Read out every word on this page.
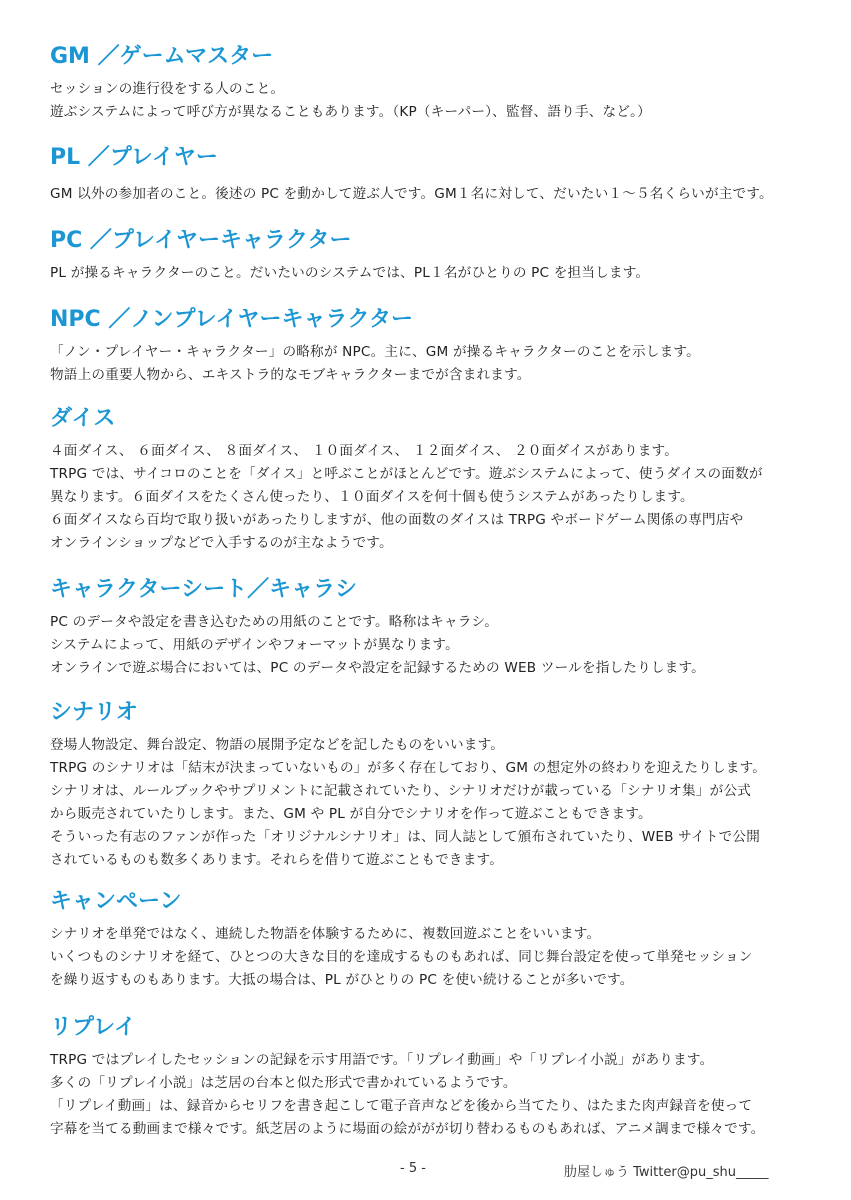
GM ／ゲームマスター

セッションの進行役をする人のこと。

遊ぶシステムによって呼び方が異なることもあります。（KP（キーパー）、監督、語り手、など。）

PL ／プレイヤー

GM 以外の参加者のこと。後述の PC を動かして遊ぶ人です。GM１名に対して、だいたい１〜５名くらいが主です。

PC ／プレイヤーキャラクター

PL が操るキャラクターのこと。だいたいのシステムでは、PL１名がひとりの PC を担当します。

NPC ／ノンプレイヤーキャラクター

「ノン・プレイヤー・キャラクター」の略称が NPC。主に、GM が操るキャラクターのことを示します。

物語上の重要人物から、エキストラ的なモブキャラクターまでが含まれます。

ダイス

４面ダイス、 ６面ダイス、 ８面ダイス、 １０面ダイス、 １２面ダイス、 ２０面ダイスがあります。

TRPG では、サイコロのことを「ダイス」と呼ぶことがほとんどです。遊ぶシステムによって、使うダイスの面数が

異なります。６面ダイスをたくさん使ったり、１０面ダイスを何十個も使うシステムがあったりします。

６面ダイスなら百均で取り扱いがあったりしますが、他の面数のダイスは TRPG やボードゲーム関係の専門店や

オンラインショップなどで入手するのが主なようです。

キャラクターシート／キャラシ

PC のデータや設定を書き込むための用紙のことです。略称はキャラシ。

システムによって、用紙のデザインやフォーマットが異なります。

オンラインで遊ぶ場合においては、PC のデータや設定を記録するための WEB ツールを指したりします。

シナリオ

登場人物設定、舞台設定、物語の展開予定などを記したものをいいます。

TRPG のシナリオは「結末が決まっていないもの」が多く存在しており、GM の想定外の終わりを迎えたりします。

シナリオは、ルールブックやサプリメントに記載されていたり、シナリオだけが載っている「シナリオ集」が公式

から販売されていたりします。また、GM や PL が自分でシナリオを作って遊ぶこともできます。

そういった有志のファンが作った「オリジナルシナリオ」は、同人誌として頒布されていたり、WEB サイトで公開

されているものも数多くあります。それらを借りて遊ぶこともできます。

キャンペーン

シナリオを単発ではなく、連続した物語を体験するために、複数回遊ぶことをいいます。

いくつものシナリオを経て、ひとつの大きな目的を達成するものもあれば、同じ舞台設定を使って単発セッション

を繰り返すものもあります。大抵の場合は、PL がひとりの PC を使い続けることが多いです。

リプレイ

TRPG ではプレイしたセッションの記録を示す用語です。「リプレイ動画」や「リプレイ小説」があります。

多くの「リプレイ小説」は芝居の台本と似た形式で書かれているようです。

「リプレイ動画」は、録音からセリフを書き起こして電子音声などを後から当てたり、はたまた肉声録音を使って

字幕を当てる動画まで様々です。紙芝居のように場面の絵ががが切り替わるものもあれば、アニメ調まで様々です。

- 5 -	肋屋しゅう Twitter@pu_shu_____
